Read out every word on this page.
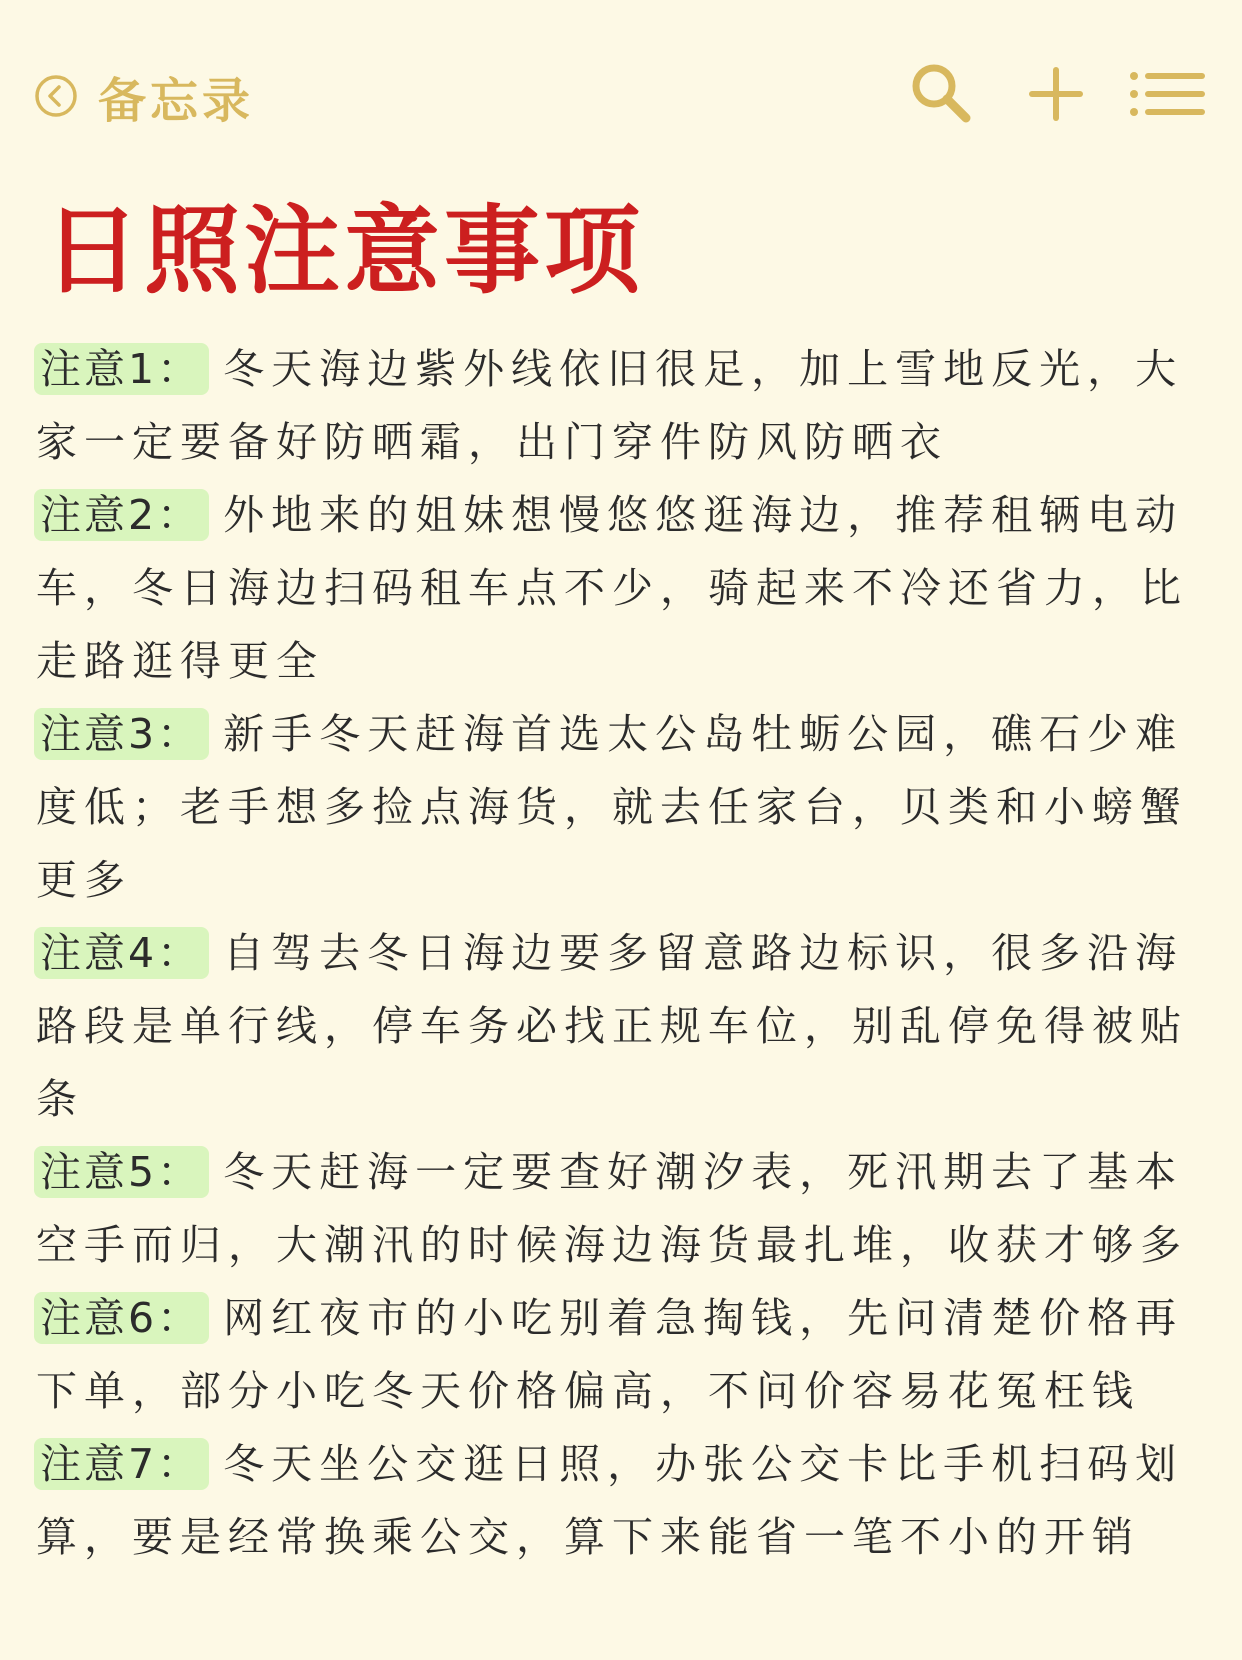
备忘录
日照注意事项
注意1： 冬天海边紫外线依旧很足，加上雪地反光，大家一定要备好防晒霜，出门穿件防风防晒衣
注意2： 外地来的姐妹想慢悠悠逛海边，推荐租辆电动车，冬日海边扫码租车点不少，骑起来不冷还省力，比走路逛得更全
注意3： 新手冬天赶海首选太公岛牡蛎公园，礁石少难度低；老手想多捡点海货，就去任家台，贝类和小螃蟹更多
注意4： 自驾去冬日海边要多留意路边标识，很多沿海路段是单行线，停车务必找正规车位，别乱停免得被贴条
注意5： 冬天赶海一定要查好潮汐表，死汛期去了基本空手而归，大潮汛的时候海边海货最扎堆，收获才够多
注意6： 网红夜市的小吃别着急掏钱，先问清楚价格再下单，部分小吃冬天价格偏高，不问价容易花冤枉钱
注意7： 冬天坐公交逛日照，办张公交卡比手机扫码划算，要是经常换乘公交，算下来能省一笔不小的开销
